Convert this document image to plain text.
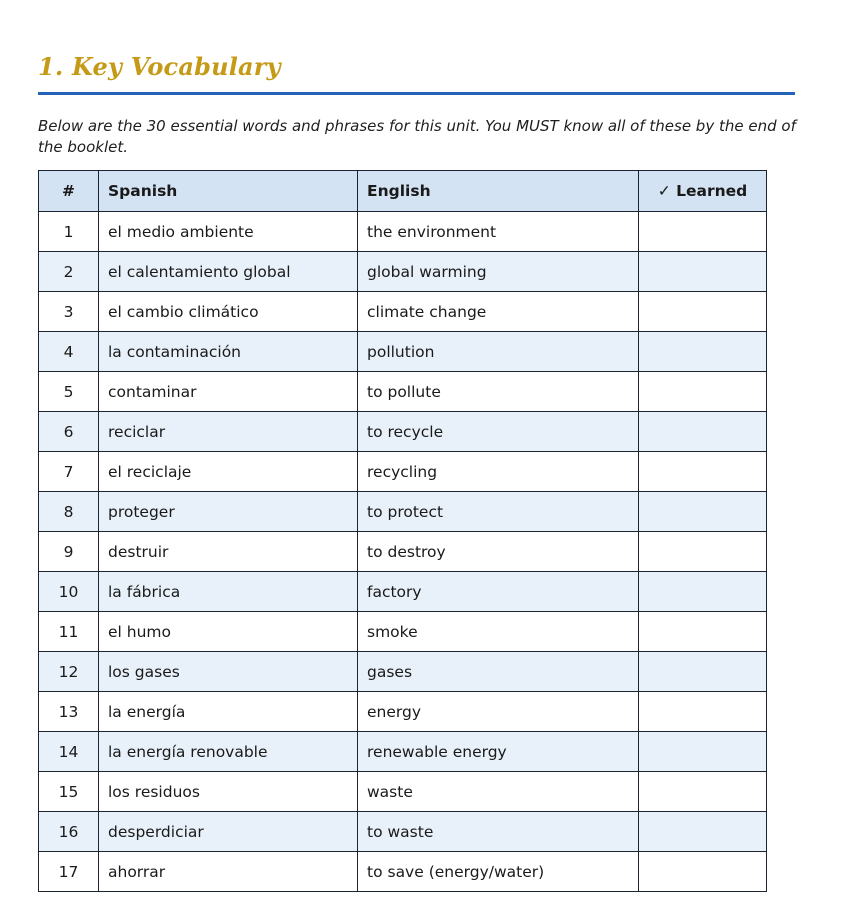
1. Key Vocabulary

Below are the 30 essential words and phrases for this unit. You MUST know all of these by the end of the booklet.

#	Spanish	English	✓ Learned
1	el medio ambiente	the environment	
2	el calentamiento global	global warming	
3	el cambio climático	climate change	
4	la contaminación	pollution	
5	contaminar	to pollute	
6	reciclar	to recycle	
7	el reciclaje	recycling	
8	proteger	to protect	
9	destruir	to destroy	
10	la fábrica	factory	
11	el humo	smoke	
12	los gases	gases	
13	la energía	energy	
14	la energía renovable	renewable energy	
15	los residuos	waste	
16	desperdiciar	to waste	
17	ahorrar	to save (energy/water)	
